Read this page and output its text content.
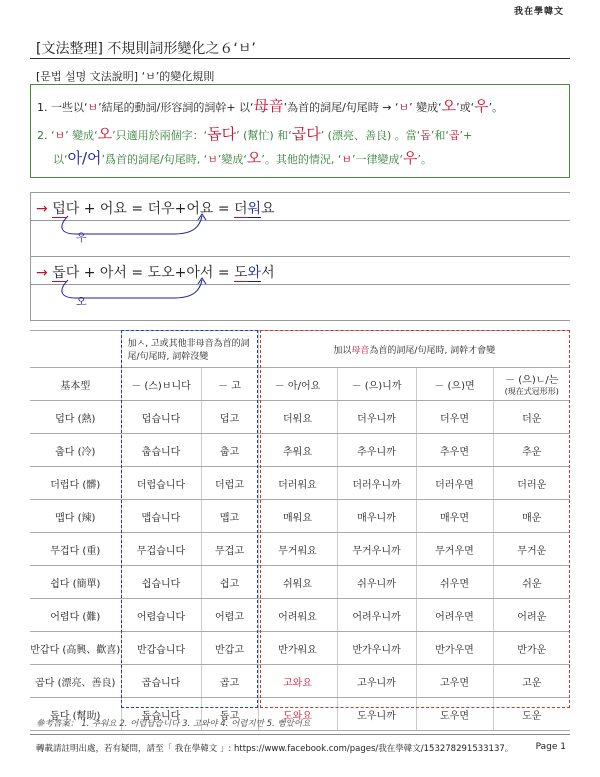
我在學韓文
[文法整理] 不規則詞形變化之６‘ㅂ’
[문법 설명 文法說明] ‘ㅂ’的變化規則
1. 一些以‘ㅂ’結尾的動詞/形容詞的詞幹+ 以‘母音’為首的詞尾/句尾時 → ‘ㅂ’ 變成‘오’或‘우’。
2. ‘ㅂ’ 變成‘오’只適用於兩個字：‘돕다’ (幫忙) 和‘곱다’ (漂亮、善良) 。當‘돕’和‘곱’+
以‘아/어’爲首的詞尾/句尾時, ‘ㅂ’變成‘오’。其他的情況, ‘ㅂ’一律變成‘우’。
→ 덥다 + 어요 = 더우+어요 = 더워요
우
→ 돕다 + 아서 = 도오+아서 = 도와서
오
	加ㅅ, 고或其他非母音為首的詞尾/句尾時, 詞幹沒變		加以母音為首的詞尾/句尾時, 詞幹才會變			
基本型	－ (스)ㅂ니다	－ 고	－ 아/어요	－ (으)니까	－ (으)면	－ (으)ㄴ/는
(現在式冠形形)

덥다 (熱)	덥습니다	덥고	더워요	더우니까	더우면	더운
춥다 (冷)	춥습니다	춥고	추워요	추우니까	추우면	추운
더럽다 (髒)	더럽습니다	더럽고	더러워요	더러우니까	더러우면	더러운
맵다 (辣)	맵습니다	맵고	매워요	매우니까	매우면	매운
무겁다 (重)	무겁습니다	무겁고	무거워요	무거우니까	무거우면	무거운
쉽다 (簡單)	쉽습니다	쉽고	쉬워요	쉬우니까	쉬우면	쉬운
어렵다 (難)	어렵습니다	어렵고	어려워요	어려우니까	어려우면	어려운
반갑다 (高興、歡喜)	반갑습니다	반갑고	반가워요	반가우니까	반가우면	반가운
곱다 (漂亮、善良)	곱습니다	곱고	고와요	고우니까	고우면	고운
돕다 (幫助)	돕습니다	돕고	도와요	도우니까	도우면	도운
參考答案： 1. 추워요 2. 어렵답습니다 3. 고와야 4. 어렵지만 5. 뻠았어요
轉載請註明出處，若有疑問，請至「 我在學韓文 」: https://www.facebook.com/pages/我在學韓文/153278291533137。 Page 1
